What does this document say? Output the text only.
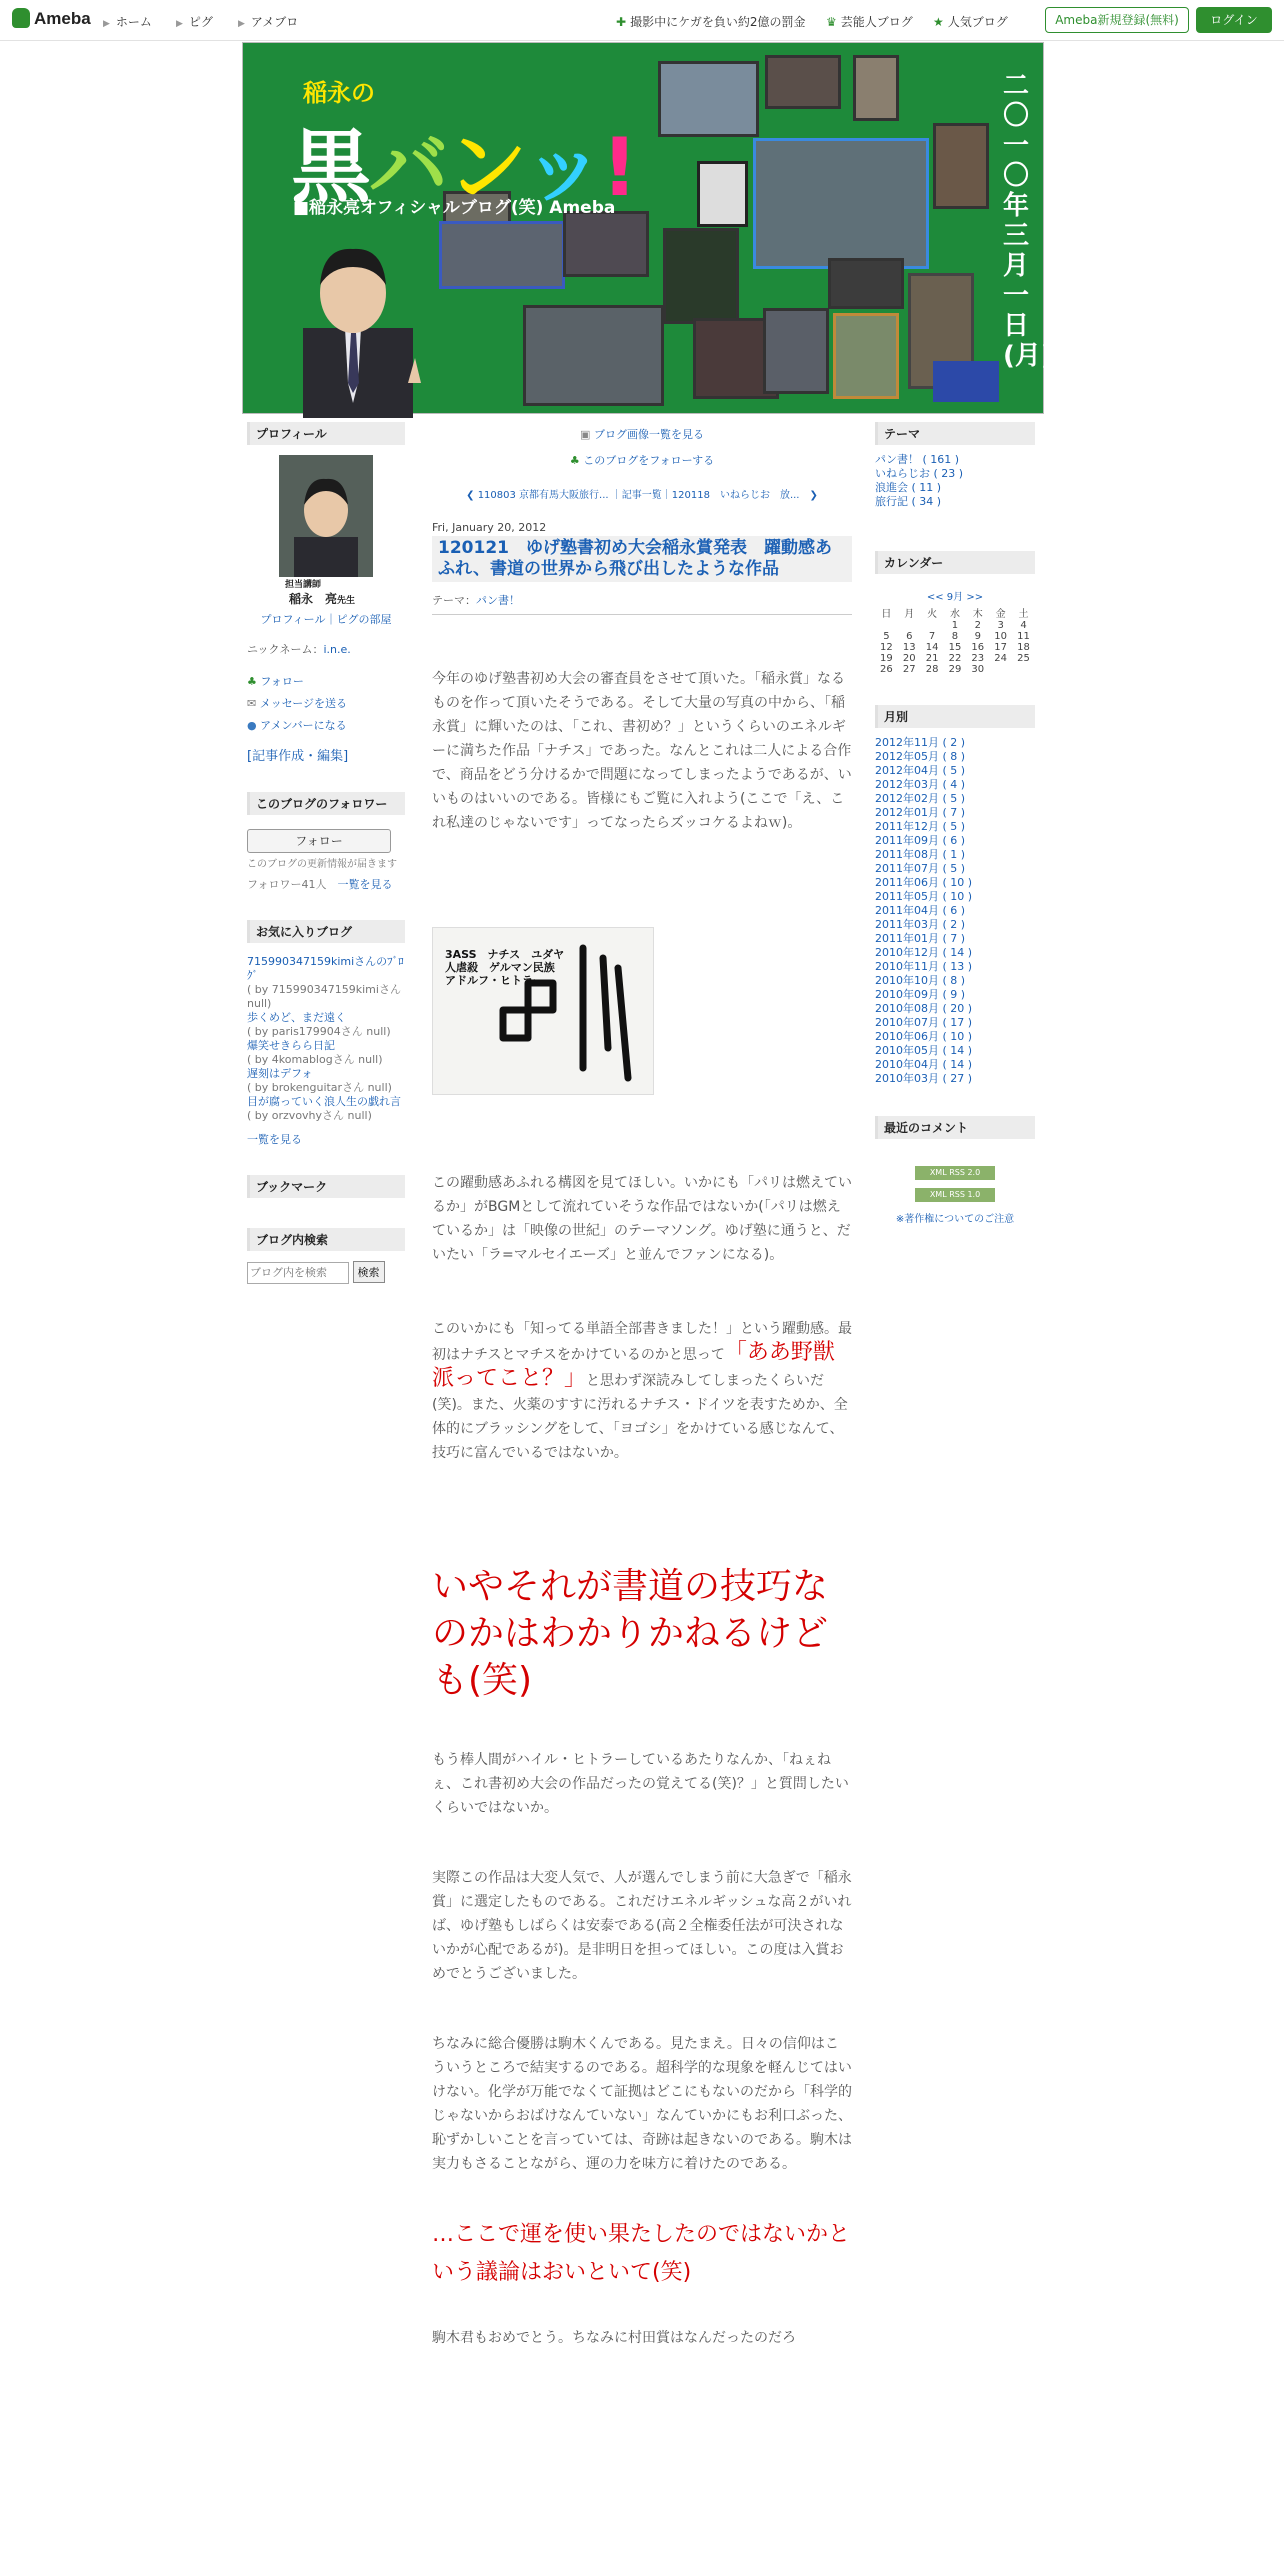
Ameba ▶ ホーム	▶ ピグ	▶ アメブロ	✚ 撮影中にケガを負い約2億の罰金 ♛ 芸能人ブログ ★ 人気ブログ	Ameba新規登録(無料)	ログイン
稲永の
黒バンッ!
■稲永亮オフィシャルブログ(笑) Ameba
二〇一〇年三月一日(月)〜
プロフィール
担当講師
稲永　亮先生
プロフィール｜ピグの部屋
ニックネーム：i.n.e.
♣ フォロー
✉ メッセージを送る
● アメンバーになる
[記事作成・編集]
このブログのフォロワー
フォロー
このブログの更新情報が届きます
フォロワー41人　 一覧を見る
お気に入りブログ
715990347159kimiさんのﾌﾞﾛｸﾞ
( by 715990347159kimiさん null)
歩くめど、まだ遠く
( by paris179904さん null)
爆笑せきらら日記
( by 4komablogさん null)
遅刻はデフォ
( by brokenguitarさん null)
目が腐っていく浪人生の戯れ言
( by orzvovhyさん null)
一覧を見る
ブックマーク
ブログ内検索
ブログ内を検索 検索
▣ ブログ画像一覧を見る
♣ このブログをフォローする
❮ 110803 京都有馬大阪旅行... ｜記事一覧｜120118　いねらじお　放...　❯
Fri, January 20, 2012
120121　ゆげ塾書初め大会稲永賞発表　躍動感あふれ、書道の世界から飛び出したような作品
テーマ：パン書！
今年のゆげ塾書初め大会の審査員をさせて頂いた。「稲永賞」なるものを作って頂いたそうである。そして大量の写真の中から、「稲永賞」に輝いたのは、「これ、書初め？」というくらいのエネルギーに満ちた作品「ナチス」であった。なんとこれは二人による合作で、商品をどう分けるかで問題になってしまったようであるが、いいものはいいのである。皆様にもご覧に入れよう(ここで「え、これ私達のじゃないです」ってなったらズッコケるよねｗ)。
3ASS　ナチス　ユダヤ人虐殺　ゲルマン民族　アドルフ・ヒトラー
この躍動感あふれる構図を見てほしい。いかにも「パリは燃えているか」がBGMとして流れていそうな作品ではないか(「パリは燃えているか」は「映像の世紀」のテーマソング。ゆげ塾に通うと、だいたい「ラ=マルセイエーズ」と並んでファンになる)。
このいかにも「知ってる単語全部書きました！」という躍動感。最初はナチスとマチスをかけているのかと思って「ああ野獣派ってこと？」と思わず深読みしてしまったくらいだ(笑)。また、火薬のすすに汚れるナチス・ドイツを表すためか、全体的にブラッシングをして、「ヨゴシ」をかけている感じなんて、技巧に富んでいるではないか。
いやそれが書道の技巧なのかはわかりかねるけども(笑)
もう棒人間がハイル・ヒトラーしているあたりなんか、「ねぇねぇ、これ書初め大会の作品だったの覚えてる(笑)？」と質問したいくらいではないか。
実際この作品は大変人気で、人が選んでしまう前に大急ぎで「稲永賞」に選定したものである。これだけエネルギッシュな高２がいれば、ゆげ塾もしばらくは安泰である(高２全権委任法が可決されないかが心配であるが)。是非明日を担ってほしい。この度は入賞おめでとうございました。
ちなみに総合優勝は駒木くんである。見たまえ。日々の信仰はこういうところで結実するのである。超科学的な現象を軽んじてはいけない。化学が万能でなくて証拠はどこにもないのだから「科学的じゃないからおばけなんていない」なんていかにもお利口ぶった、恥ずかしいことを言っていては、奇跡は起きないのである。駒木は実力もさることながら、運の力を味方に着けたのである。
…ここで運を使い果たしたのではないかという議論はおいといて(笑)
駒木君もおめでとう。ちなみに村田賞はなんだったのだろ
テーマ
パン書！ ( 161 )
いねらじお ( 23 )
浪進会 ( 11 )
旅行記 ( 34 )
カレンダー
<< 9月 >>
日	月	火	水	木	金	土
			1	2	3	4
5	6	7	8	9	10	11
12	13	14	15	16	17	18
19	20	21	22	23	24	25
26	27	28	29	30		
月別
2012年11月 ( 2 )
2012年05月 ( 8 )
2012年04月 ( 5 )
2012年03月 ( 4 )
2012年02月 ( 5 )
2012年01月 ( 7 )
2011年12月 ( 5 )
2011年09月 ( 6 )
2011年08月 ( 1 )
2011年07月 ( 5 )
2011年06月 ( 10 )
2011年05月 ( 10 )
2011年04月 ( 6 )
2011年03月 ( 2 )
2011年01月 ( 7 )
2010年12月 ( 14 )
2010年11月 ( 13 )
2010年10月 ( 8 )
2010年09月 ( 9 )
2010年08月 ( 20 )
2010年07月 ( 17 )
2010年06月 ( 10 )
2010年05月 ( 14 )
2010年04月 ( 14 )
2010年03月 ( 27 )
最近のコメント
XML RSS 2.0
XML RSS 1.0
※著作権についてのご注意
